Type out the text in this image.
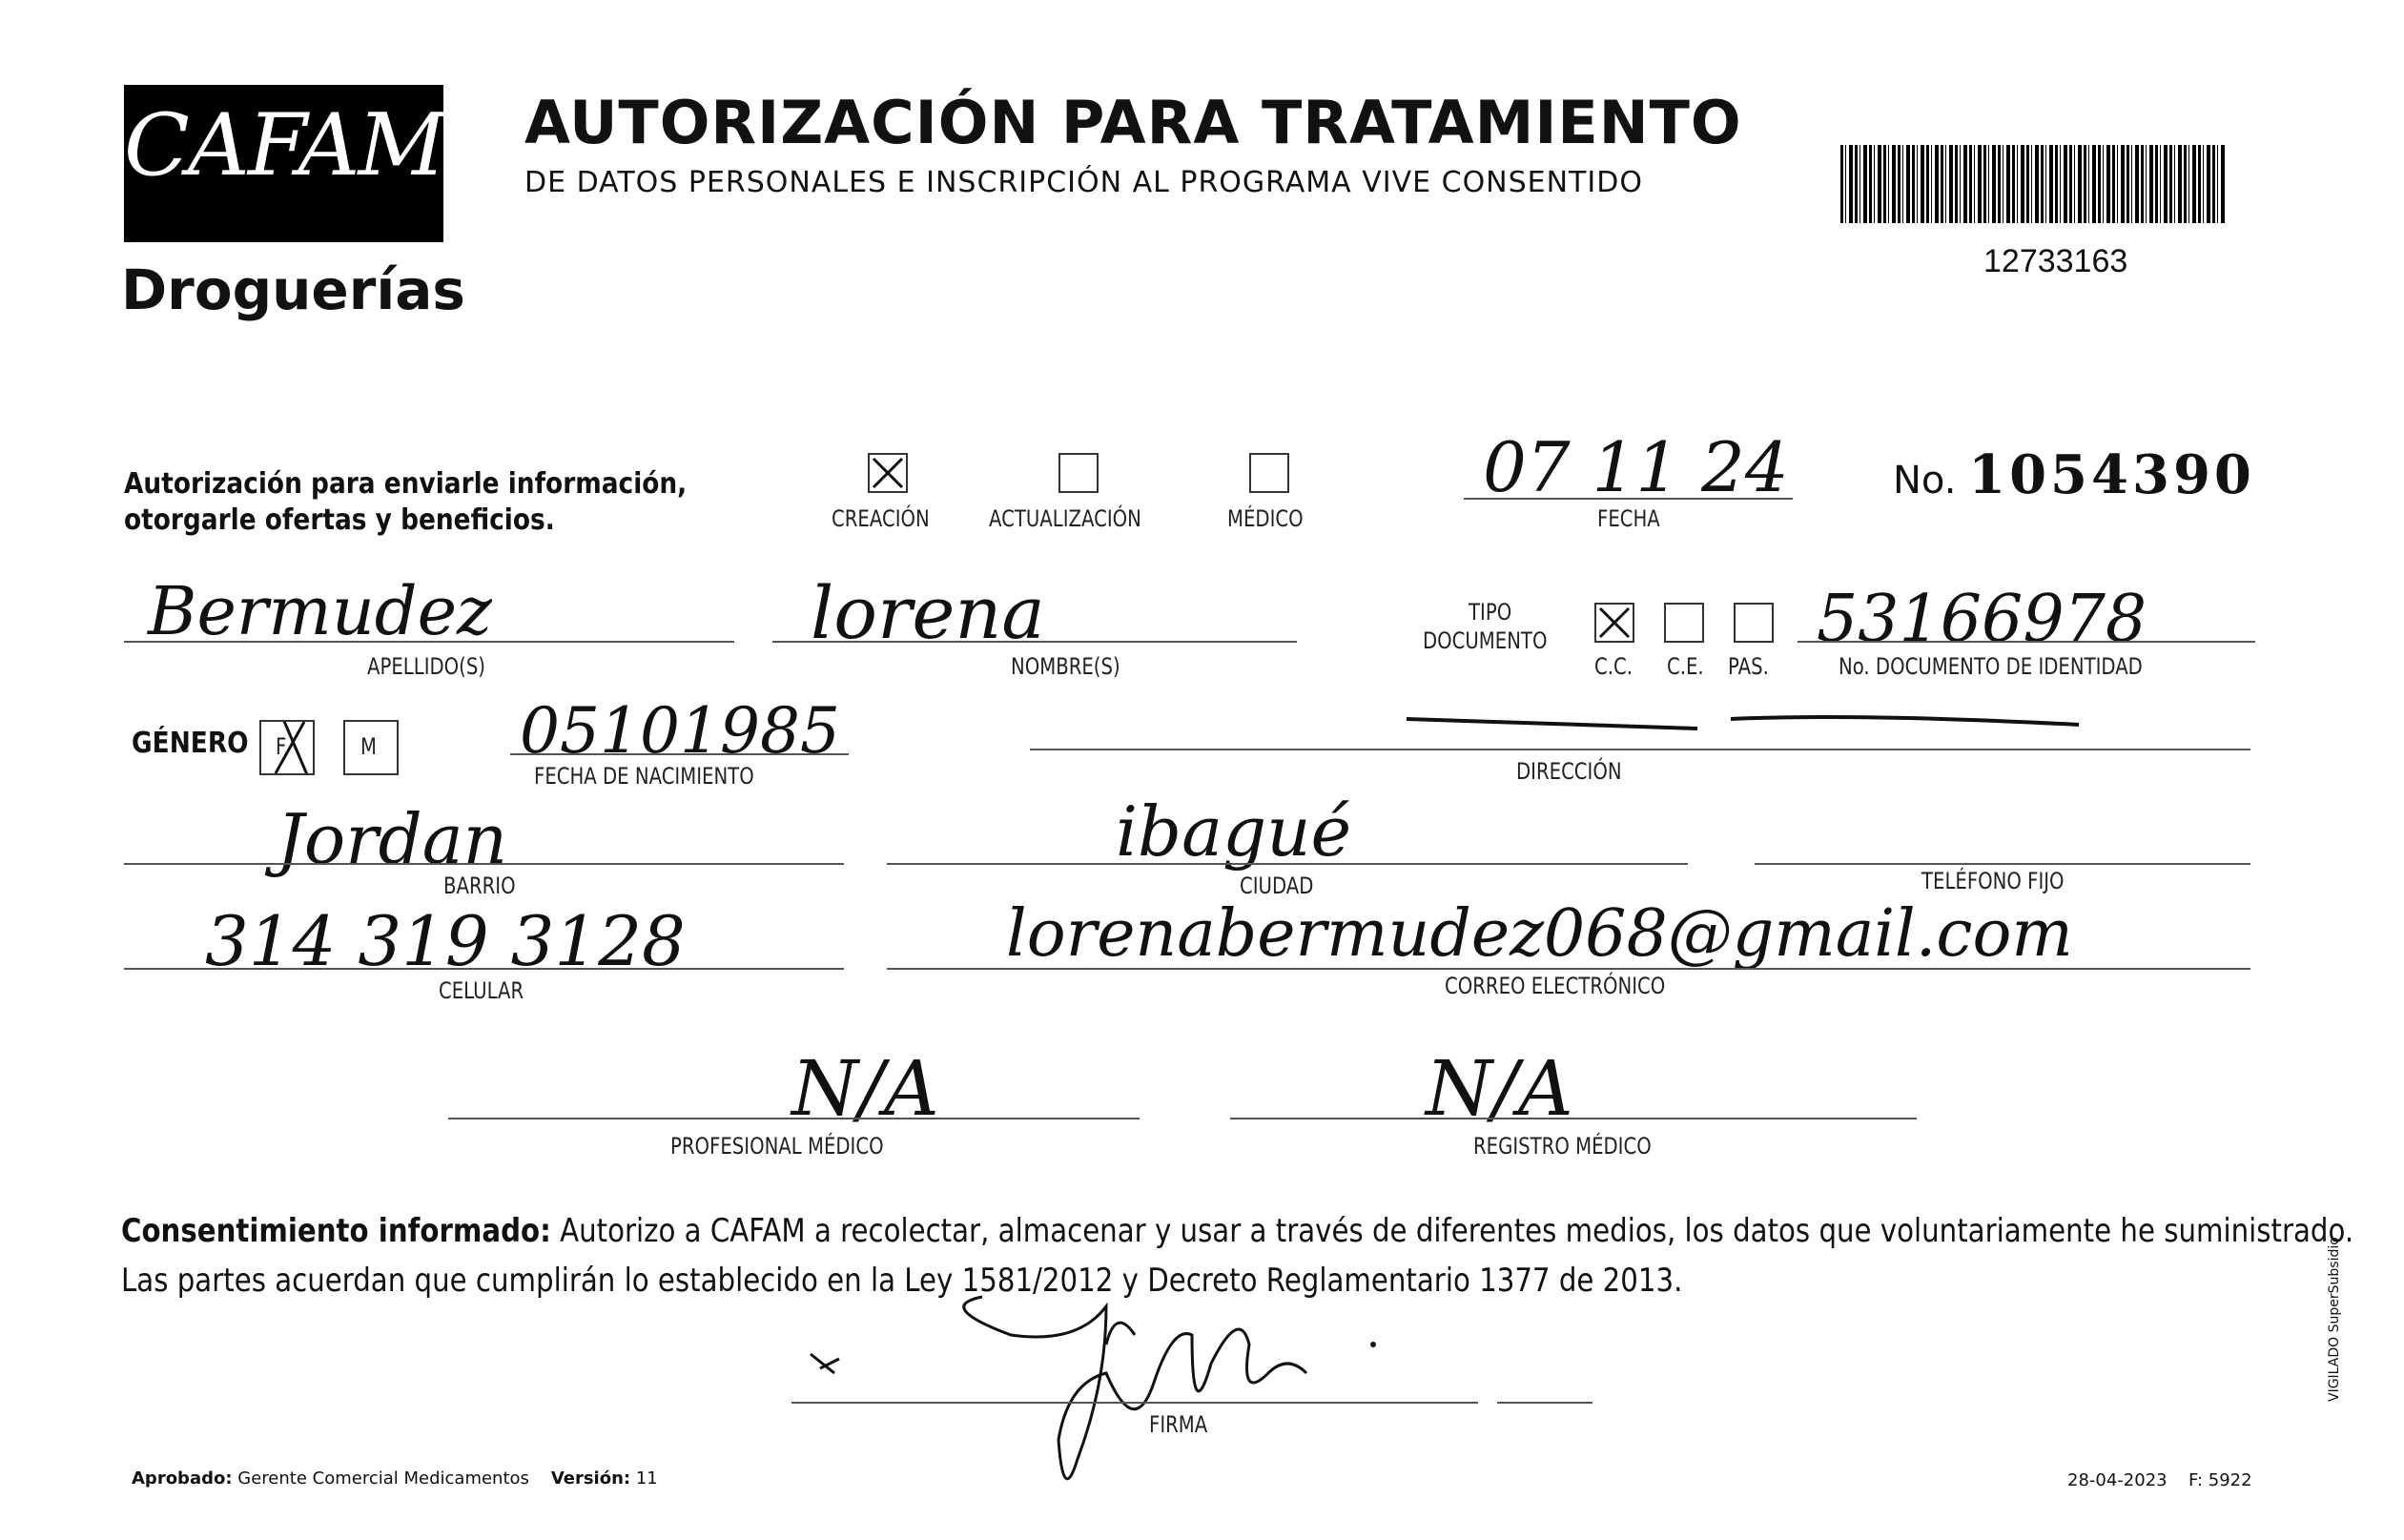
CAFAM
Droguerías
AUTORIZACIÓN PARA TRATAMIENTO
DE DATOS PERSONALES E INSCRIPCIÓN AL PROGRAMA VIVE CONSENTIDO
12733163
Autorización para enviarle información,
otorgarle ofertas y beneficios.	CREACIÓN	ACTUALIZACIÓN	MÉDICO
07 11 24
FECHA
No. 1054390
Bermudez
APELLIDO(S)
lorena
NOMBRE(S)
TIPO
DOCUMENTO
C.C. C.E. PAS.
53166978
No. DOCUMENTO DE IDENTIDAD
GÉNERO F	M 05101985
FECHA DE NACIMIENTO	DIRECCIÓN
Jordan
BARRIO
ibagué
CIUDAD	TELÉFONO FIJO
314 319 3128
CELULAR
lorenabermudez068@gmail.com
CORREO ELECTRÓNICO
N/A
PROFESIONAL MÉDICO
N/A
REGISTRO MÉDICO
Consentimiento informado: Autorizo a CAFAM a recolectar, almacenar y usar a través de diferentes medios, los datos que voluntariamente he suministrado.
Las partes acuerdan que cumplirán lo establecido en la Ley 1581/2012 y Decreto Reglamentario 1377 de 2013.
FIRMA
Aprobado: Gerente Comercial Medicamentos Versión: 11	28-04-2023 F: 5922
VIGILADO SuperSubsidio
